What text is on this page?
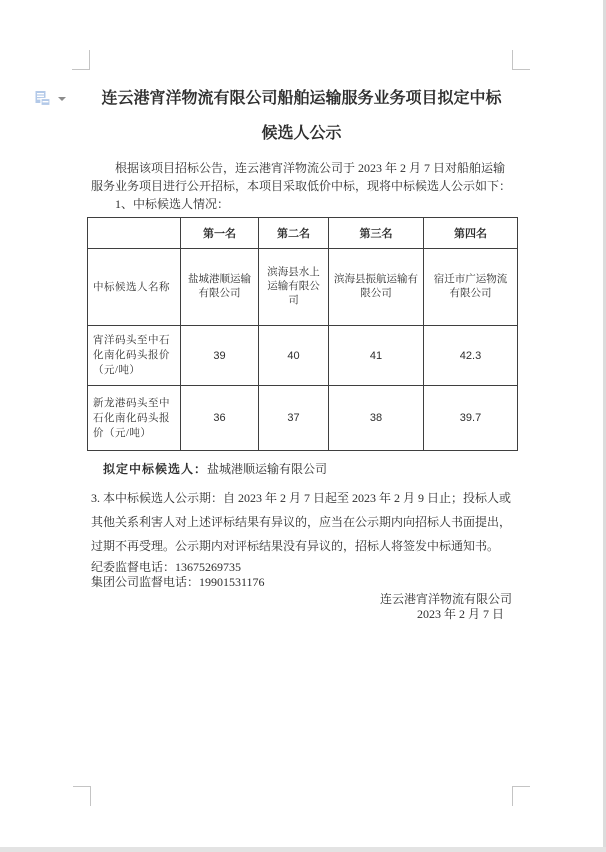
连云港宵洋物流有限公司船舶运输服务业务项目拟定中标
候选人公示
根据该项目招标公告，连云港宵洋物流公司于 2023 年 2 月 7 日对船舶运输
服务业务项目进行公开招标，本项目采取低价中标，现将中标候选人公示如下：
1、中标候选人情况：
	第一名	第二名	第三名	第四名
中标候选人名称	盐城港顺运输有限公司	滨海县水上运输有限公司	滨海县振航运输有限公司	宿迁市广运物流有限公司
宵洋码头至中石化南化码头报价（元/吨）	39	40	41	42.3
新龙港码头至中石化南化码头报价（元/吨）	36	37	38	39.7
拟定中标候选人：盐城港顺运输有限公司
3. 本中标候选人公示期：自 2023 年 2 月 7 日起至 2023 年 2 月 9 日止；投标人或
其他关系利害人对上述评标结果有异议的，应当在公示期内向招标人书面提出，
过期不再受理。公示期内对评标结果没有异议的，招标人将签发中标通知书。
纪委监督电话：13675269735
集团公司监督电话：19901531176
连云港宵洋物流有限公司
2023 年 2 月 7 日
